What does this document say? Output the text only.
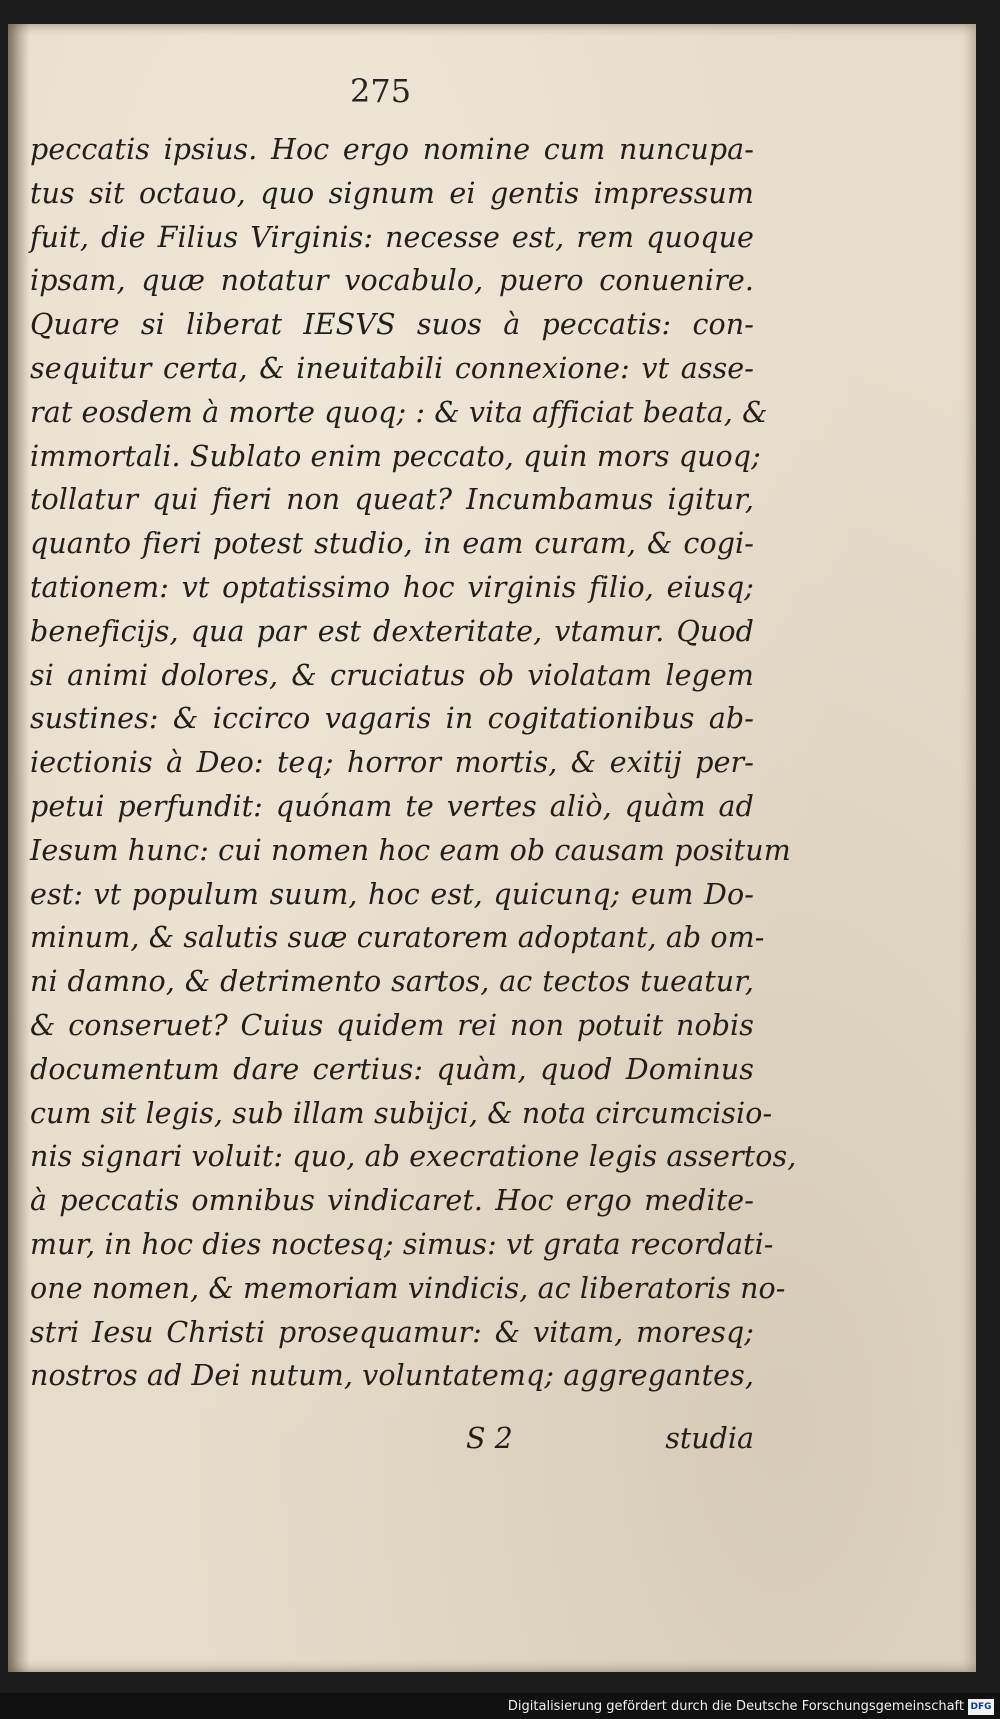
275
peccatis ipsius. Hoc ergo nomine cum nuncupa-
tus sit octauo, quo signum ei gentis impressum
fuit, die Filius Virginis: necesse est, rem quoque
ipsam, quæ notatur vocabulo, puero conuenire.
Quare si liberat IESVS suos à peccatis: con-
sequitur certa, & ineuitabili connexione: vt asse-
rat eosdem à morte quoq; : & vita afficiat beata, &
immortali. Sublato enim peccato, quin mors quoq;
tollatur qui fieri non queat? Incumbamus igitur,
quanto fieri potest studio, in eam curam, & cogi-
tationem: vt optatissimo hoc virginis filio, eiusq;
beneficijs, qua par est dexteritate, vtamur. Quod
si animi dolores, & cruciatus ob violatam legem
sustines: & iccirco vagaris in cogitationibus ab-
iectionis à Deo: teq; horror mortis, & exitij per-
petui perfundit: quónam te vertes aliò, quàm ad
Iesum hunc: cui nomen hoc eam ob causam positum
est: vt populum suum, hoc est, quicunq; eum Do-
minum, & salutis suæ curatorem adoptant, ab om-
ni damno, & detrimento sartos, ac tectos tueatur,
& conseruet? Cuius quidem rei non potuit nobis
documentum dare certius: quàm, quod Dominus
cum sit legis, sub illam subijci, & nota circumcisio-
nis signari voluit: quo, ab execratione legis assertos,
à peccatis omnibus vindicaret. Hoc ergo medite-
mur, in hoc dies noctesq; simus: vt grata recordati-
one nomen, & memoriam vindicis, ac liberatoris no-
stri Iesu Christi prosequamur: & vitam, moresq;
nostros ad Dei nutum, voluntatemq; aggregantes,
S 2	studia
Digitalisierung gefördert durch die Deutsche Forschungsgemeinschaft DFG
